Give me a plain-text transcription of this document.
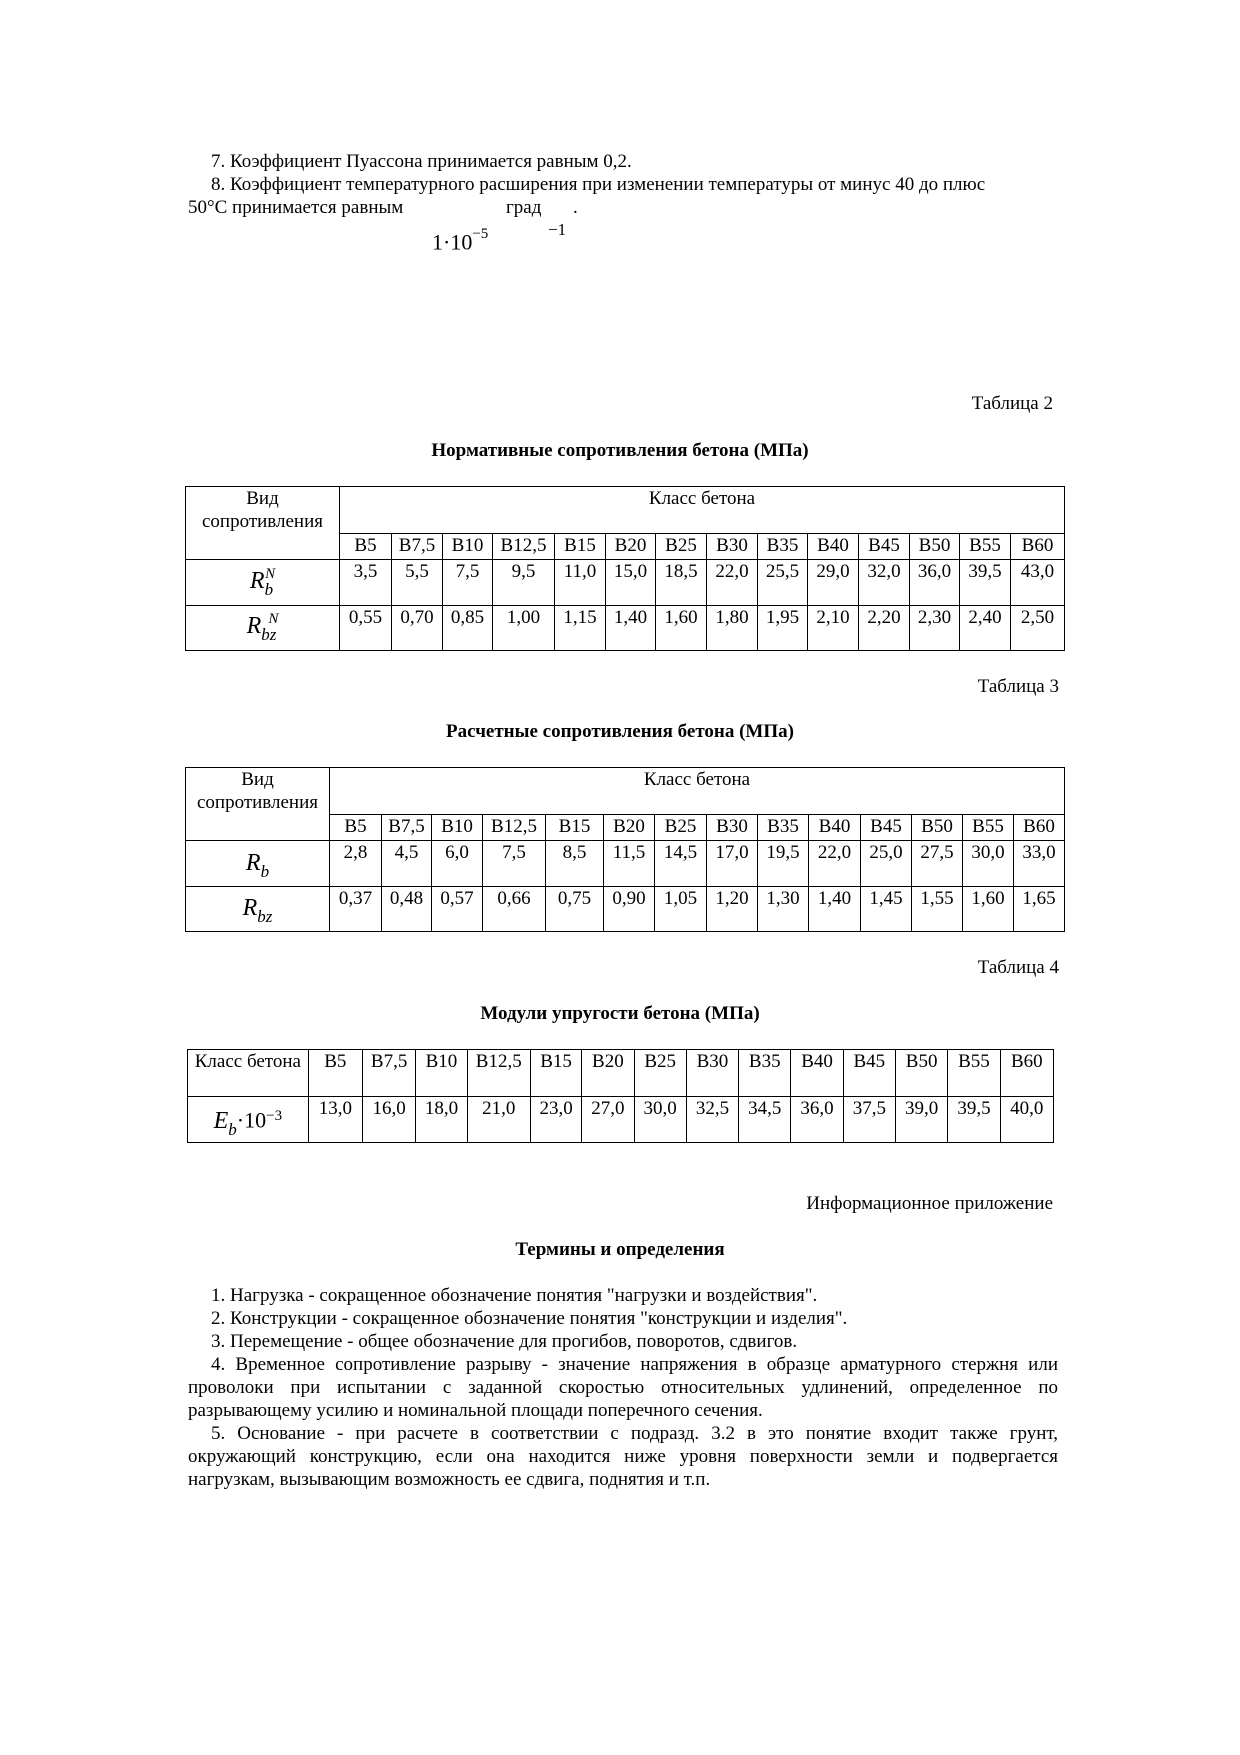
7. Коэффициент Пуассона принимается равным 0,2.
8. Коэффициент температурного расширения при изменении температуры от минус 40 до плюс
50°С принимается равным	град .
−1
$1\cdot 10^{-5}$
Таблица 2
Нормативные сопротивления бетона (МПа)
Вид сопротивления	Класс бетона													
	В5	В7,5	В10	В12,5	В15	В20	В25	В30	В35	В40	В45	В50	В55	В60
$R_b^N$	3,5	5,5	7,5	9,5	11,0	15,0	18,5	22,0	25,5	29,0	32,0	36,0	39,5	43,0
$R_{bz}^N$	0,55	0,70	0,85	1,00	1,15	1,40	1,60	1,80	1,95	2,10	2,20	2,30	2,40	2,50
Таблица 3
Расчетные сопротивления бетона (МПа)
Вид сопротивления	Класс бетона													
	В5	В7,5	В10	В12,5	В15	В20	В25	В30	В35	В40	В45	В50	В55	В60
$R_b$	2,8	4,5	6,0	7,5	8,5	11,5	14,5	17,0	19,5	22,0	25,0	27,5	30,0	33,0
$R_{bz}$	0,37	0,48	0,57	0,66	0,75	0,90	1,05	1,20	1,30	1,40	1,45	1,55	1,60	1,65
Таблица 4
Модули упругости бетона (МПа)
Класс бетона	В5	В7,5	В10	В12,5	В15	В20	В25	В30	В35	В40	В45	В50	В55	В60
$E_b\cdot 10^{-3}$	13,0	16,0	18,0	21,0	23,0	27,0	30,0	32,5	34,5	36,0	37,5	39,0	39,5	40,0
Информационное приложение
Термины и определения
1. Нагрузка - сокращенное обозначение понятия "нагрузки и воздействия".
2. Конструкции - сокращенное обозначение понятия "конструкции и изделия".
3. Перемещение - общее обозначение для прогибов, поворотов, сдвигов.
4. Временное сопротивление разрыву - значение напряжения в образце арматурного стержня или проволоки при испытании с заданной скоростью относительных удлинений, определенное по разрывающему усилию и номинальной площади поперечного сечения.
5. Основание - при расчете в соответствии с подразд. 3.2 в это понятие входит также грунт, окружающий конструкцию, если она находится ниже уровня поверхности земли и подвергается нагрузкам, вызывающим возможность ее сдвига, поднятия и т.п.
